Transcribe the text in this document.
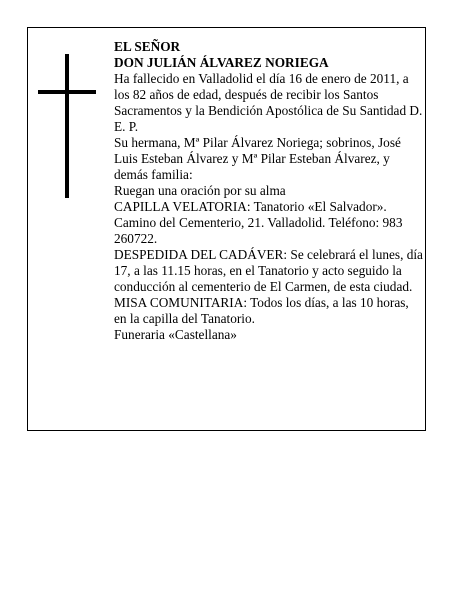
EL SEÑOR

DON JULIÁN ÁLVAREZ NORIEGA

Ha fallecido en Valladolid el día 16 de enero de 2011, a los 82 años de edad, después de recibir los Santos Sacramentos y la Bendición Apostólica de Su Santidad D. E. P.

Su hermana, Mª Pilar Álvarez Noriega; sobrinos, José Luis Esteban Álvarez y Mª Pilar Esteban Álvarez, y demás familia:

Ruegan una oración por su alma

CAPILLA VELATORIA: Tanatorio «El Salvador». Camino del Cementerio, 21. Valladolid. Teléfono: 983 260722.

DESPEDIDA DEL CADÁVER: Se celebrará el lunes, día 17, a las 11.15 horas, en el Tanatorio y acto seguido la conducción al cementerio de El Carmen, de esta ciudad.

MISA COMUNITARIA: Todos los días, a las 10 horas, en la capilla del Tanatorio.

Funeraria «Castellana»
